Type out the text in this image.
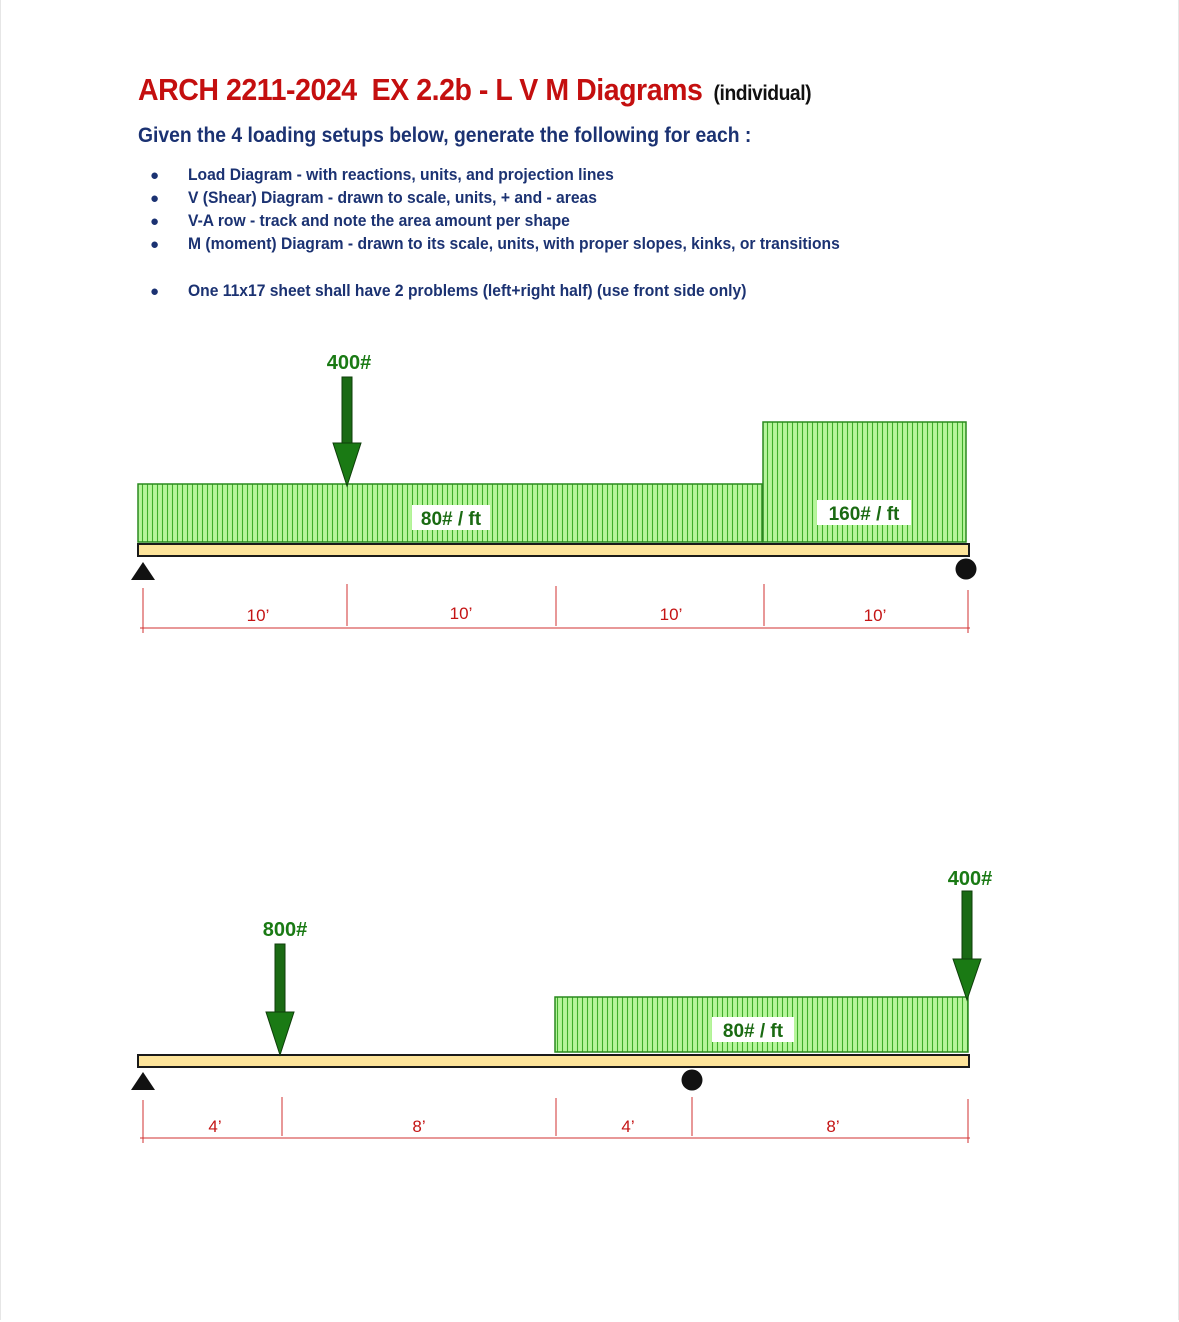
ARCH 2211-2024  EX 2.2b - L V M Diagrams (individual)
Given the 4 loading setups below, generate the following for each :
● Load Diagram - with reactions, units, and projection lines
● V (Shear) Diagram - drawn to scale, units, + and - areas
● V-A row - track and note the area amount per shape
● M (moment) Diagram - drawn to its scale, units, with proper slopes, kinks, or transitions
● One 11x17 sheet shall have 2 problems (left+right half) (use front side only)
80# / ft	160# / ft
400#
10’	10’	10’	10’
80# / ft
800#
400#
4’	8’	4’	8’
